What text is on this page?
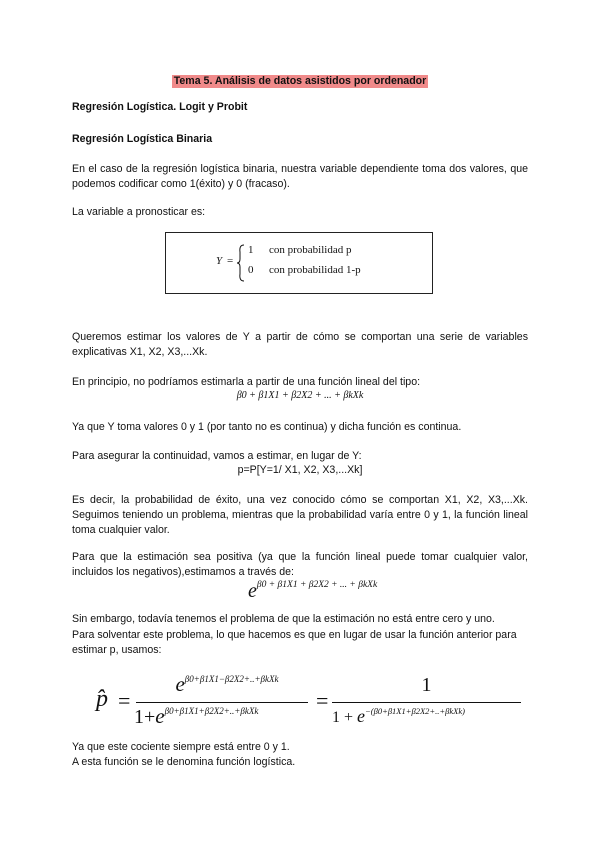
Tema 5. Análisis de datos asistidos por ordenador
Regresión Logística. Logit y Probit
Regresión Logística Binaria

En el caso de la regresión logística binaria, nuestra variable dependiente toma dos valores, que podemos codificar como 1(éxito) y 0 (fracaso).

La variable a pronosticar es:

Y =
1 con probabilidad p
0 con probabilidad 1-p

Queremos estimar los valores de Y a partir de cómo se comportan una serie de variables explicativas X1, X2, X3,...Xk.

En principio, no podríamos estimarla a partir de una función lineal del tipo:

β0 + β1X1 + β2X2 + ... + βkXk

Ya que Y toma valores 0 y 1 (por tanto no es continua) y dicha función es continua.

Para asegurar la continuidad, vamos a estimar, en lugar de Y:

p=P[Y=1/ X1, X2, X3,...Xk]

Es decir, la probabilidad de éxito, una vez conocido cómo se comportan X1, X2, X3,...Xk. Seguimos teniendo un problema, mientras que la probabilidad varía entre 0 y 1, la función lineal toma cualquier valor.

Para que la estimación sea positiva (ya que la función lineal puede tomar cualquier valor, incluidos los negativos),estimamos a través de:

$e^{\beta 0 + \beta 1X1 + \beta 2X2 + ... + \beta kXk}$

Sin embargo, todavía tenemos el problema de que la estimación no está entre cero y uno.

Para solventar este problema, lo que hacemos es que en lugar de usar la función anterior para estimar p, usamos:

p̂ =
$e^{\beta 0+\beta 1X1-\beta 2X2+..+\beta kXk}$
$1+e^{\beta 0+\beta 1X1+\beta 2X2+..+\beta kXk}$	=
1
$1 + e^{-(\beta 0+\beta 1X1+\beta 2X2+..+\beta kXk)}$

Ya que este cociente siempre está entre 0 y 1.

A esta función se le denomina función logística.
